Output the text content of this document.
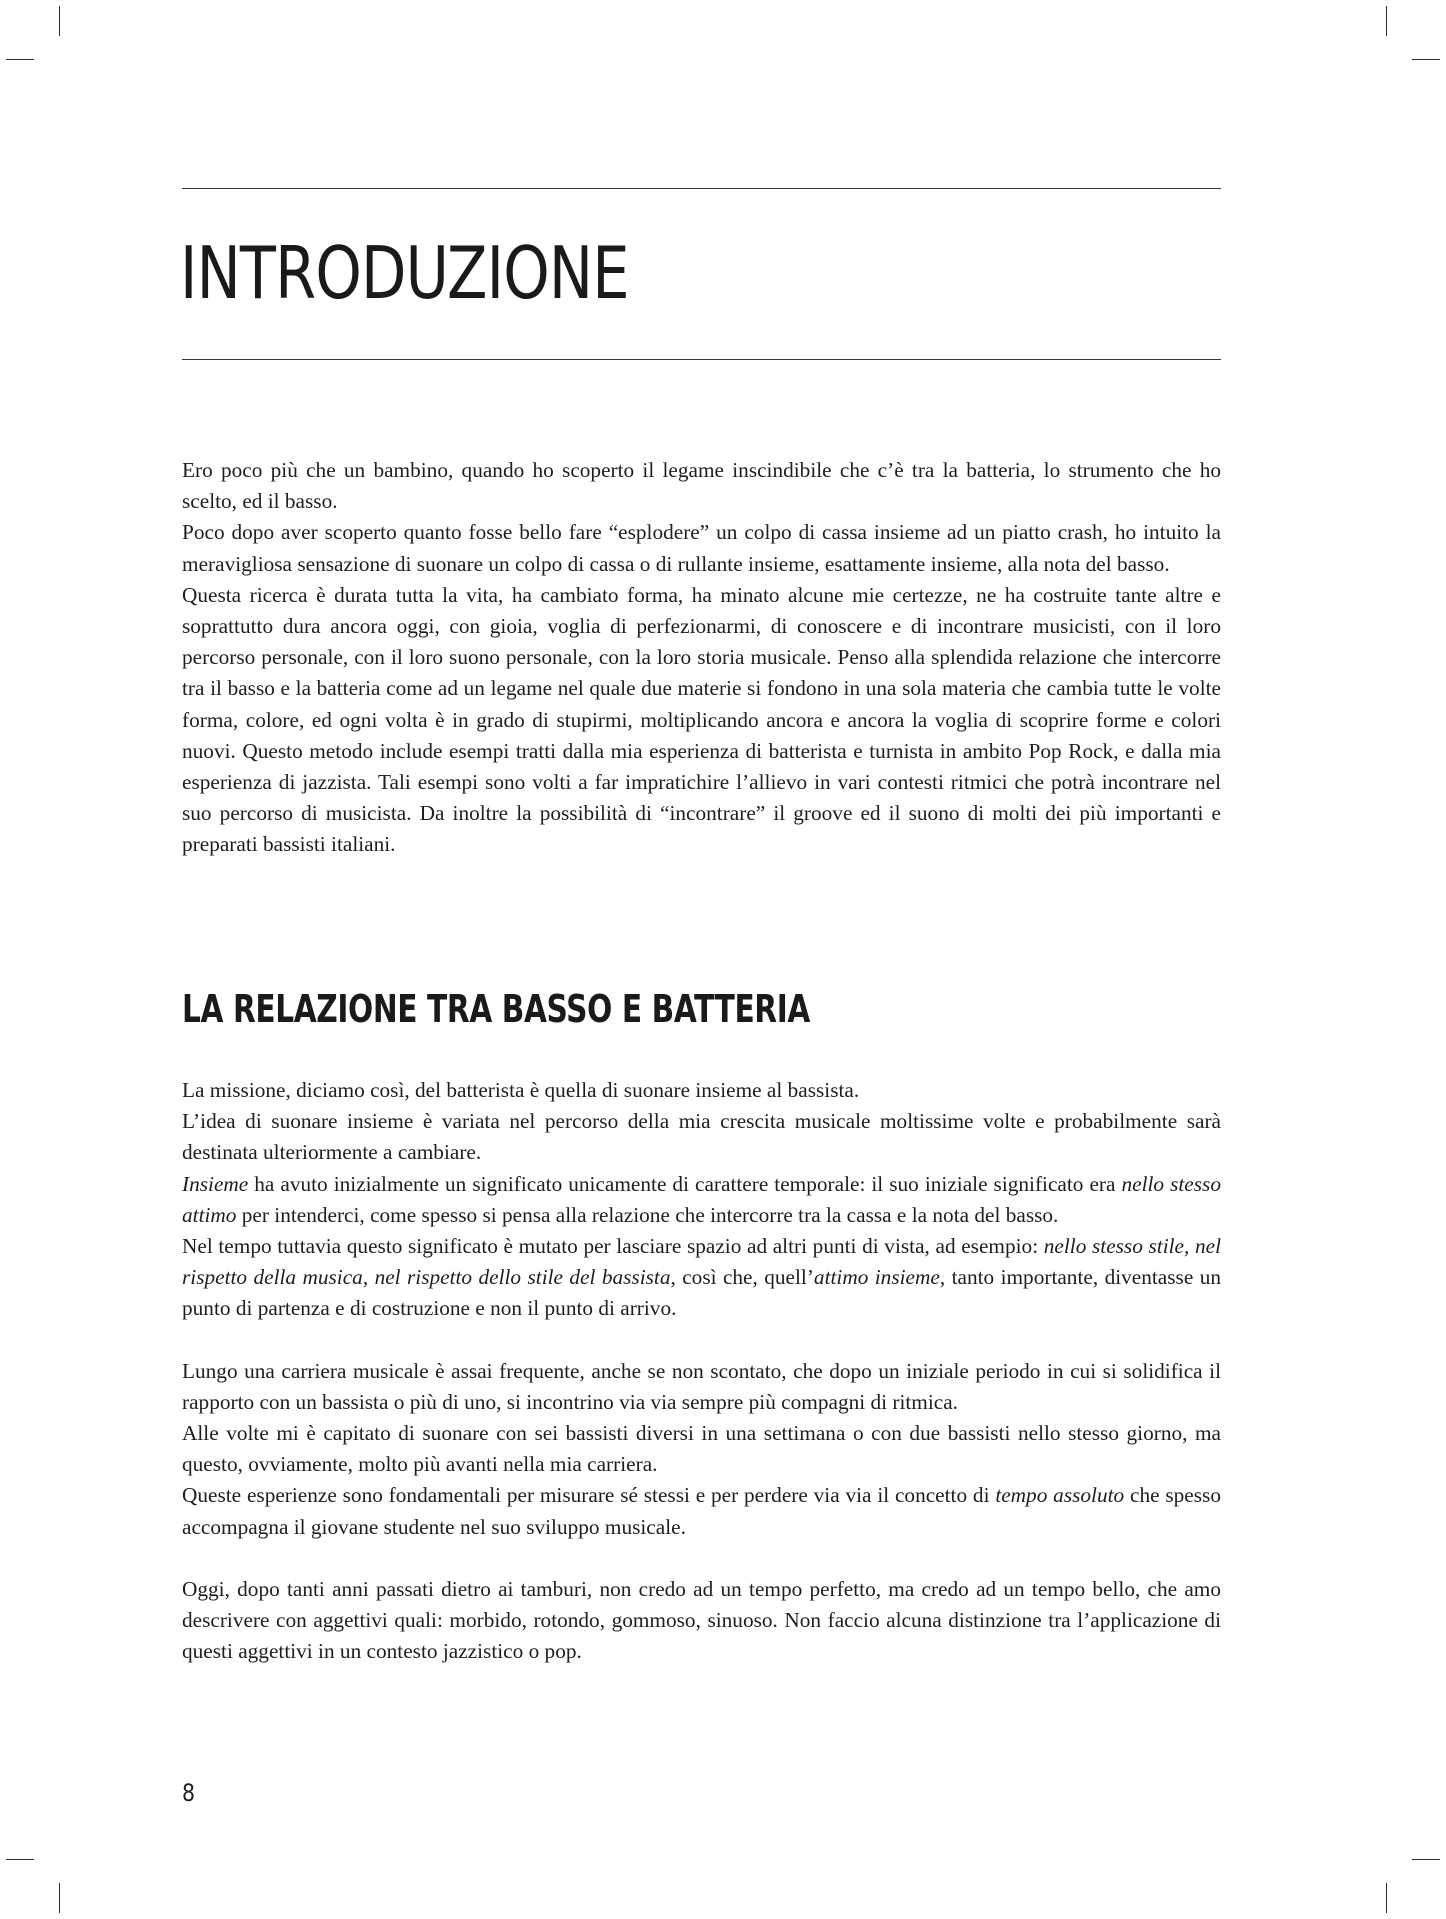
INTRODUZIONE

Ero poco più che un bambino, quando ho scoperto il legame inscindibile che c’è tra la batteria, lo strumento che ho scelto, ed il basso.

Poco dopo aver scoperto quanto fosse bello fare “esplodere” un colpo di cassa insieme ad un piatto crash, ho intuito la meravigliosa sensazione di suonare un colpo di cassa o di rullante insieme, esattamente insieme, alla nota del basso.

Questa ricerca è durata tutta la vita, ha cambiato forma, ha minato alcune mie certezze, ne ha costruite tante altre e soprattutto dura ancora oggi, con gioia, voglia di perfezionarmi, di conoscere e di incontrare musicisti, con il loro percorso personale, con il loro suono personale, con la loro storia musicale. Penso alla splendida relazione che intercorre tra il basso e la batteria come ad un legame nel quale due materie si fondono in una sola materia che cambia tutte le volte forma, colore, ed ogni volta è in grado di stupirmi, moltiplicando ancora e ancora la voglia di scoprire forme e colori nuovi. Questo metodo include esempi tratti dalla mia esperienza di batterista e turnista in ambito Pop Rock, e dalla mia esperienza di jazzista. Tali esempi sono volti a far impratichire l’allievo in vari contesti ritmici che potrà incontrare nel suo percorso di musicista. Da inoltre la possibilità di “incontrare” il groove ed il suono di molti dei più importanti e preparati bassisti italiani.

LA RELAZIONE TRA BASSO E BATTERIA

La missione, diciamo così, del batterista è quella di suonare insieme al bassista.

L’idea di suonare insieme è variata nel percorso della mia crescita musicale moltissime volte e probabilmente sarà destinata ulteriormente a cambiare.

Insieme ha avuto inizialmente un significato unicamente di carattere temporale: il suo iniziale significato era nello stesso attimo per intenderci, come spesso si pensa alla relazione che intercorre tra la cassa e la nota del basso.

Nel tempo tuttavia questo significato è mutato per lasciare spazio ad altri punti di vista, ad esempio: nello stesso stile, nel rispetto della musica, nel rispetto dello stile del bassista, così che, quell’attimo insieme, tanto importante, diventasse un punto di partenza e di costruzione e non il punto di arrivo.

Lungo una carriera musicale è assai frequente, anche se non scontato, che dopo un iniziale periodo in cui si solidifica il rapporto con un bassista o più di uno, si incontrino via via sempre più compagni di ritmica.

Alle volte mi è capitato di suonare con sei bassisti diversi in una settimana o con due bassisti nello stesso giorno, ma questo, ovviamente, molto più avanti nella mia carriera.

Queste esperienze sono fondamentali per misurare sé stessi e per perdere via via il concetto di tempo assoluto che spesso accompagna il giovane studente nel suo sviluppo musicale.

Oggi, dopo tanti anni passati dietro ai tamburi, non credo ad un tempo perfetto, ma credo ad un tempo bello, che amo descrivere con aggettivi quali: morbido, rotondo, gommoso, sinuoso. Non faccio alcuna distinzione tra l’applicazione di questi aggettivi in un contesto jazzistico o pop.

8
